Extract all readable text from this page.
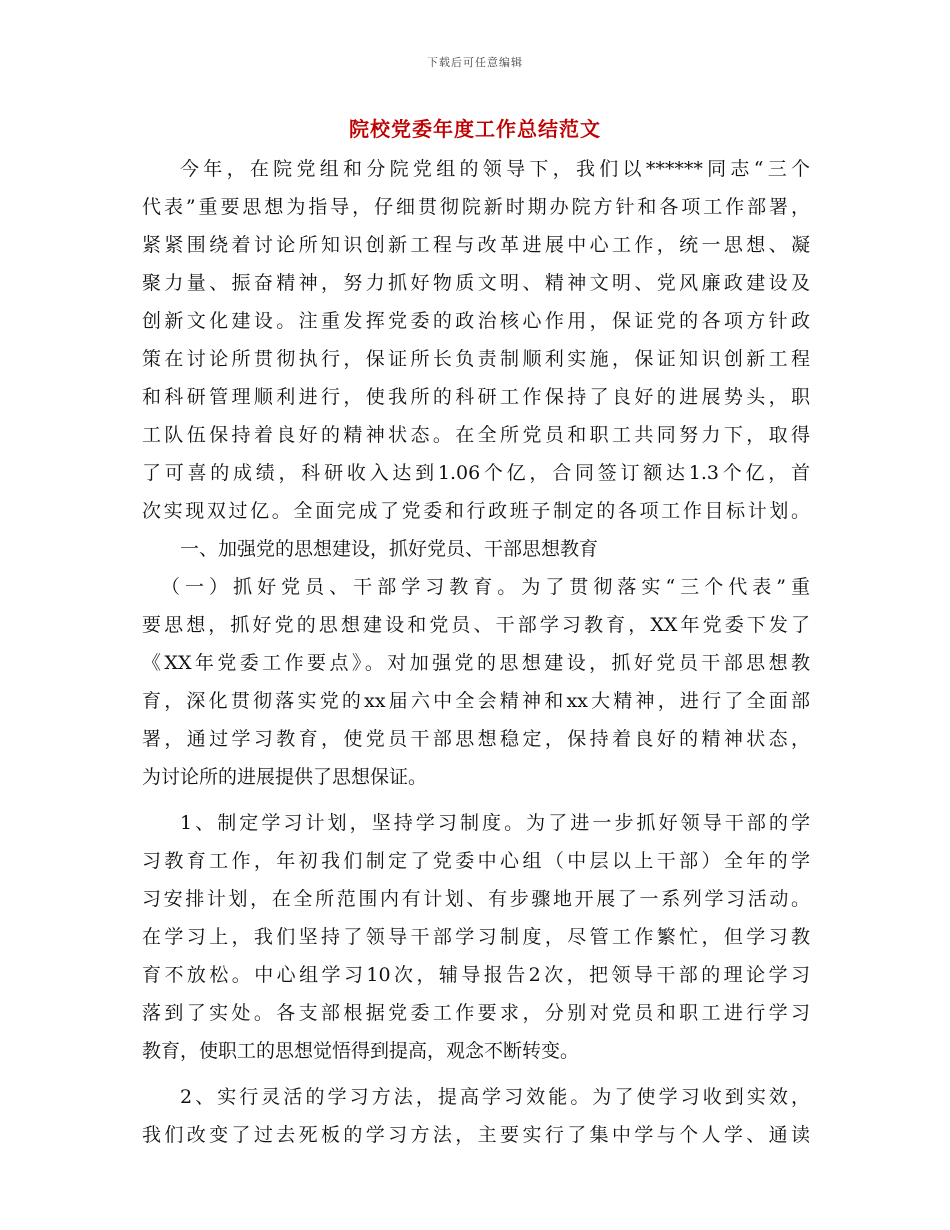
下载后可任意编辑
院校党委年度工作总结范文
今年，在院党组和分院党组的领导下，我们以******同志“三个
代表”重要思想为指导，仔细贯彻院新时期办院方针和各项工作部署，
紧紧围绕着讨论所知识创新工程与改革进展中心工作，统一思想、凝
聚力量、振奋精神，努力抓好物质文明、精神文明、党风廉政建设及
创新文化建设。注重发挥党委的政治核心作用，保证党的各项方针政
策在讨论所贯彻执行，保证所长负责制顺利实施，保证知识创新工程
和科研管理顺利进行，使我所的科研工作保持了良好的进展势头，职
工队伍保持着良好的精神状态。在全所党员和职工共同努力下，取得
了可喜的成绩，科研收入达到1.06个亿，合同签订额达1.3个亿，首
次实现双过亿。全面完成了党委和行政班子制定的各项工作目标计划。
一、加强党的思想建设，抓好党员、干部思想教育
（一）抓好党员、干部学习教育。为了贯彻落实“三个代表”重
要思想，抓好党的思想建设和党员、干部学习教育，XX年党委下发了
《XX年党委工作要点》。对加强党的思想建设，抓好党员干部思想教
育，深化贯彻落实党的xx届六中全会精神和xx大精神，进行了全面部
署，通过学习教育，使党员干部思想稳定，保持着良好的精神状态，
为讨论所的进展提供了思想保证。
1、制定学习计划，坚持学习制度。为了进一步抓好领导干部的学
习教育工作，年初我们制定了党委中心组（中层以上干部）全年的学
习安排计划，在全所范围内有计划、有步骤地开展了一系列学习活动。
在学习上，我们坚持了领导干部学习制度，尽管工作繁忙，但学习教
育不放松。中心组学习10次，辅导报告2次，把领导干部的理论学习
落到了实处。各支部根据党委工作要求，分别对党员和职工进行学习
教育，使职工的思想觉悟得到提高，观念不断转变。
2、实行灵活的学习方法，提高学习效能。为了使学习收到实效，
我们改变了过去死板的学习方法，主要实行了集中学与个人学、通读
